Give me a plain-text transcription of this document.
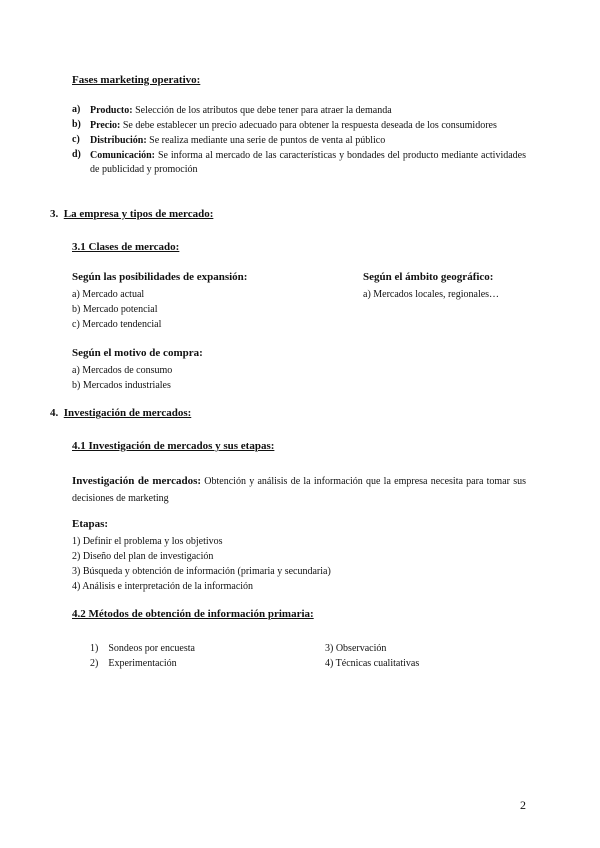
Fases marketing operativo:
a) Producto: Selección de los atributos que debe tener para atraer la demanda
b) Precio: Se debe establecer un precio adecuado para obtener la respuesta deseada de los consumidores
c)	Distribución: Se realiza mediante una serie de puntos de venta al público
d) Comunicación: Se informa al mercado de las características y bondades del producto mediante actividades de publicidad y promoción
3. La empresa y tipos de mercado:
3.1 Clases de mercado:
Según las posibilidades de expansión:
a) Mercado actual
b) Mercado potencial
c) Mercado tendencial
Según el ámbito geográfico:
a) Mercados locales, regionales…
Según el motivo de compra:
a) Mercados de consumo
b) Mercados industriales
4. Investigación de mercados:
4.1 Investigación de mercados y sus etapas:
Investigación de mercados: Obtención y análisis de la información que la empresa necesita para tomar sus decisiones de marketing
Etapas:
1) Definir el problema y los objetivos
2) Diseño del plan de investigación
3) Búsqueda y obtención de información (primaria y secundaria)
4) Análisis e interpretación de la información
4.2 Métodos de obtención de información primaria:
1)    Sondeos por encuesta
2)    Experimentación
3) Observación
4) Técnicas cualitativas
2
